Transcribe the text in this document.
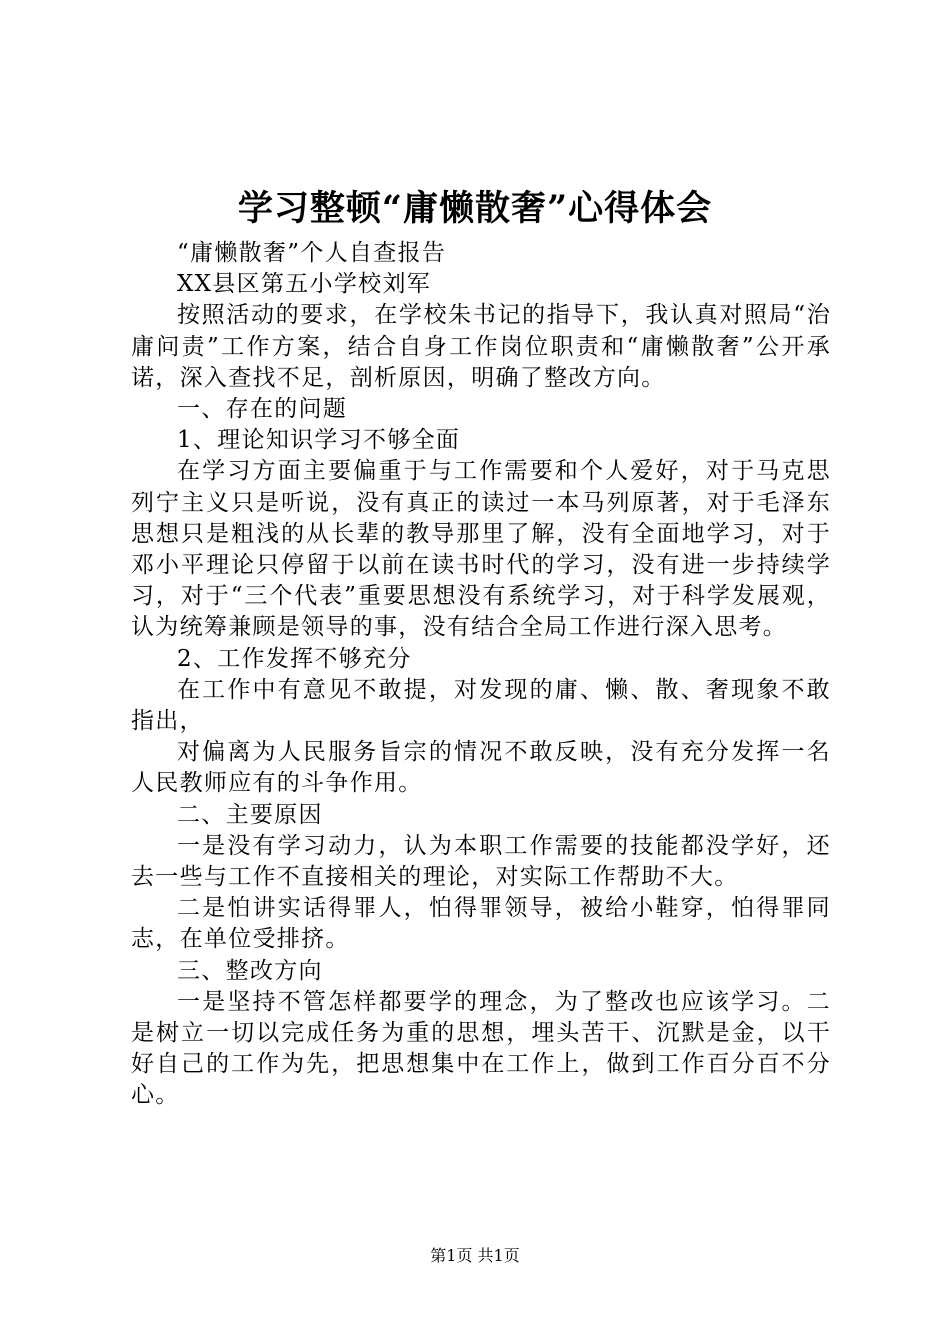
学习整顿“庸懒散奢”心得体会

“庸懒散奢”个人自查报告

XX县区第五小学校刘军

按照活动的要求，在学校朱书记的指导下，我认真对照局“治庸问责”工作方案，结合自身工作岗位职责和“庸懒散奢”公开承诺，深入查找不足，剖析原因，明确了整改方向。

一、存在的问题

1、理论知识学习不够全面

在学习方面主要偏重于与工作需要和个人爱好，对于马克思列宁主义只是听说，没有真正的读过一本马列原著，对于毛泽东思想只是粗浅的从长辈的教导那里了解，没有全面地学习，对于邓小平理论只停留于以前在读书时代的学习，没有进一步持续学习，对于“三个代表”重要思想没有系统学习，对于科学发展观，认为统筹兼顾是领导的事，没有结合全局工作进行深入思考。

2、工作发挥不够充分

在工作中有意见不敢提，对发现的庸、懒、散、奢现象不敢指出，

对偏离为人民服务旨宗的情况不敢反映，没有充分发挥一名人民教师应有的斗争作用。

二、主要原因

一是没有学习动力，认为本职工作需要的技能都没学好，还去一些与工作不直接相关的理论，对实际工作帮助不大。

二是怕讲实话得罪人，怕得罪领导，被给小鞋穿，怕得罪同志，在单位受排挤。

三、整改方向

一是坚持不管怎样都要学的理念，为了整改也应该学习。二是树立一切以完成任务为重的思想，埋头苦干、沉默是金，以干好自己的工作为先，把思想集中在工作上，做到工作百分百不分心。

第1页 共1页
